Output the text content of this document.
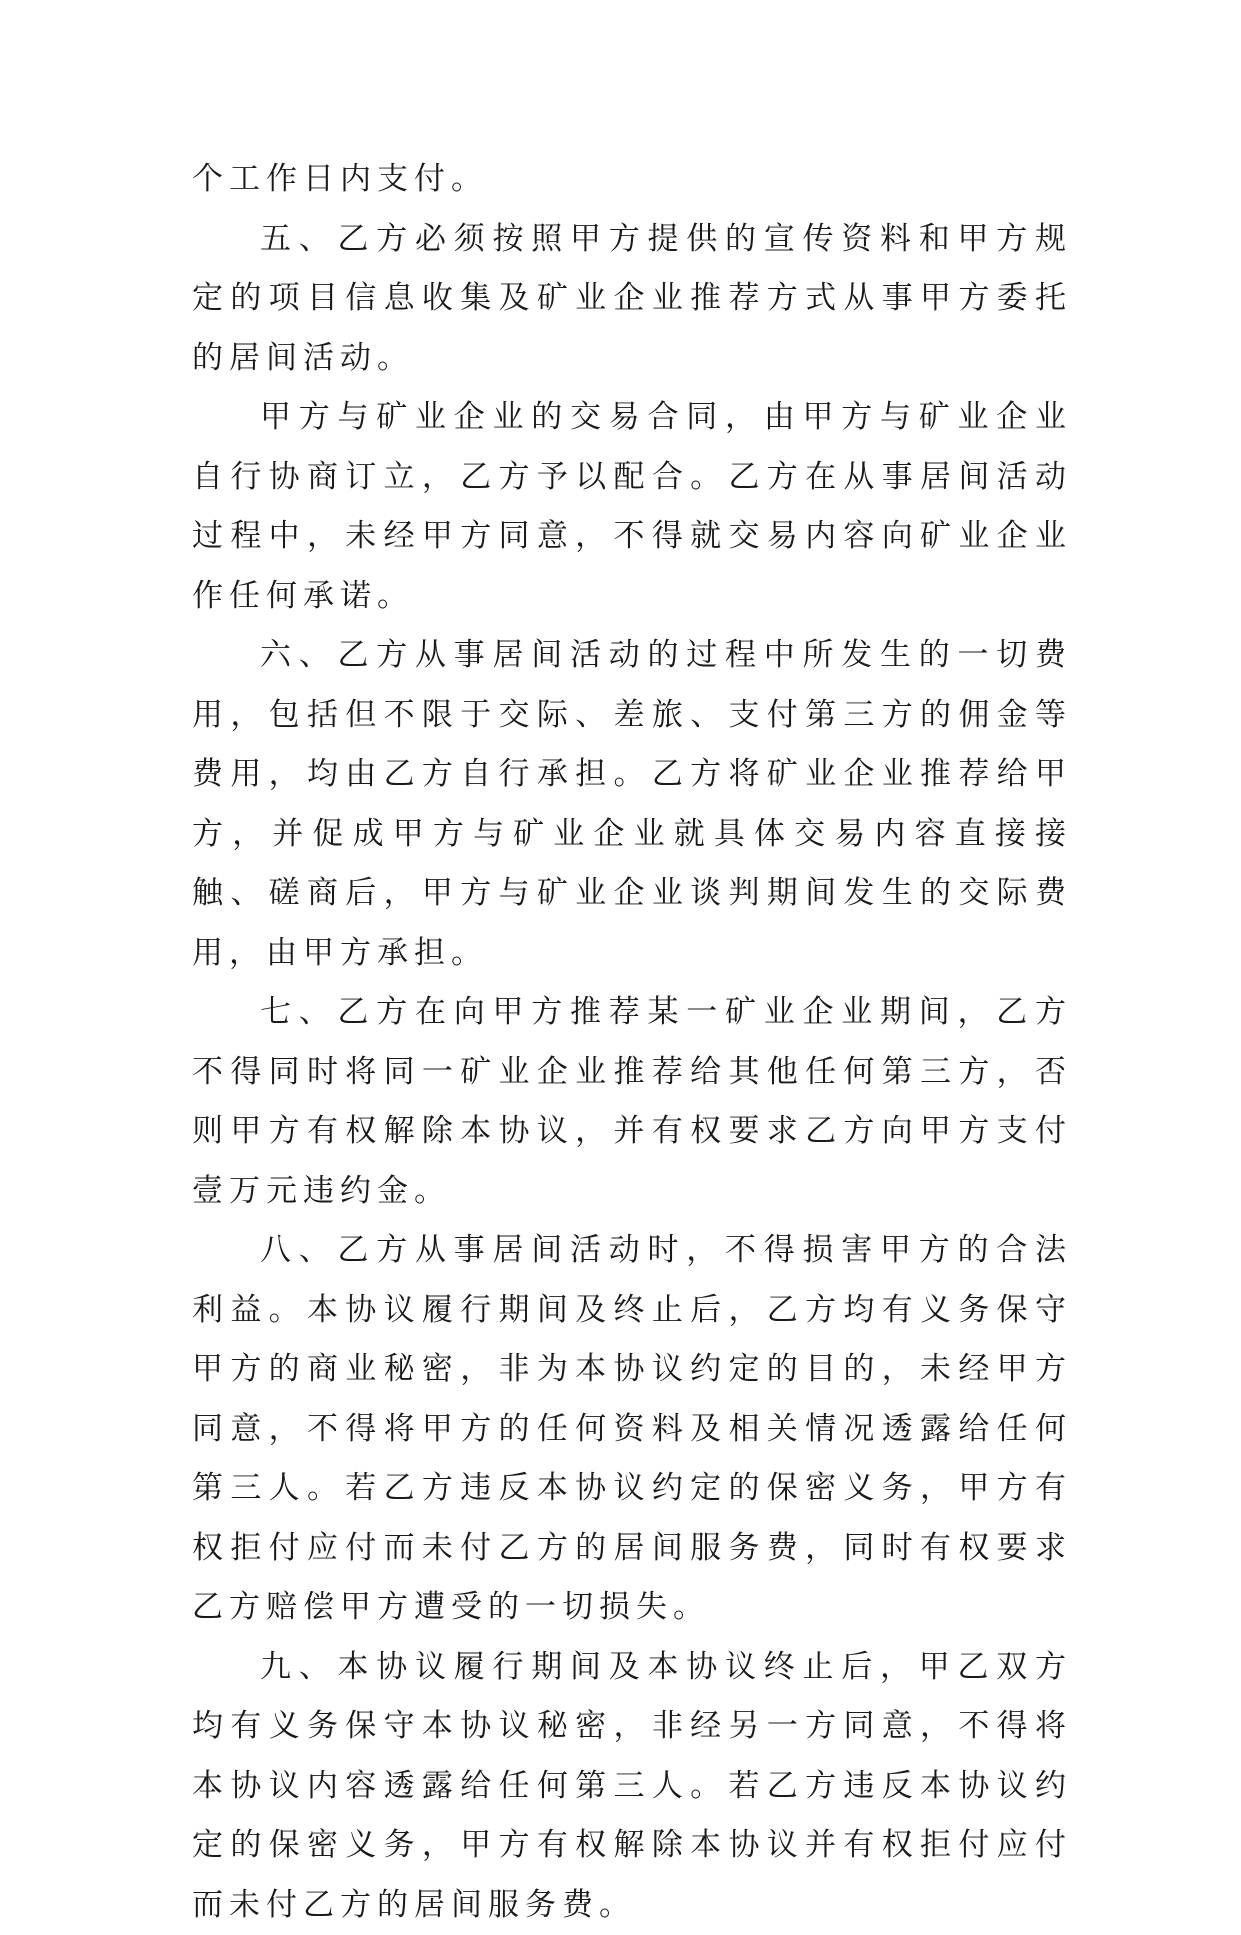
个工作日内支付。

五、乙方必须按照甲方提供的宣传资料和甲方规定的项目信息收集及矿业企业推荐方式从事甲方委托的居间活动。

甲方与矿业企业的交易合同，由甲方与矿业企业自行协商订立，乙方予以配合。乙方在从事居间活动过程中，未经甲方同意，不得就交易内容向矿业企业作任何承诺。

六、乙方从事居间活动的过程中所发生的一切费用，包括但不限于交际、差旅、支付第三方的佣金等费用，均由乙方自行承担。乙方将矿业企业推荐给甲方，并促成甲方与矿业企业就具体交易内容直接接触、磋商后，甲方与矿业企业谈判期间发生的交际费用，由甲方承担。

七、乙方在向甲方推荐某一矿业企业期间，乙方不得同时将同一矿业企业推荐给其他任何第三方，否则甲方有权解除本协议，并有权要求乙方向甲方支付壹万元违约金。

八、乙方从事居间活动时，不得损害甲方的合法利益。本协议履行期间及终止后，乙方均有义务保守甲方的商业秘密，非为本协议约定的目的，未经甲方同意，不得将甲方的任何资料及相关情况透露给任何第三人。若乙方违反本协议约定的保密义务，甲方有权拒付应付而未付乙方的居间服务费，同时有权要求乙方赔偿甲方遭受的一切损失。

九、本协议履行期间及本协议终止后，甲乙双方均有义务保守本协议秘密，非经另一方同意，不得将本协议内容透露给任何第三人。若乙方违反本协议约定的保密义务，甲方有权解除本协议并有权拒付应付而未付乙方的居间服务费。
